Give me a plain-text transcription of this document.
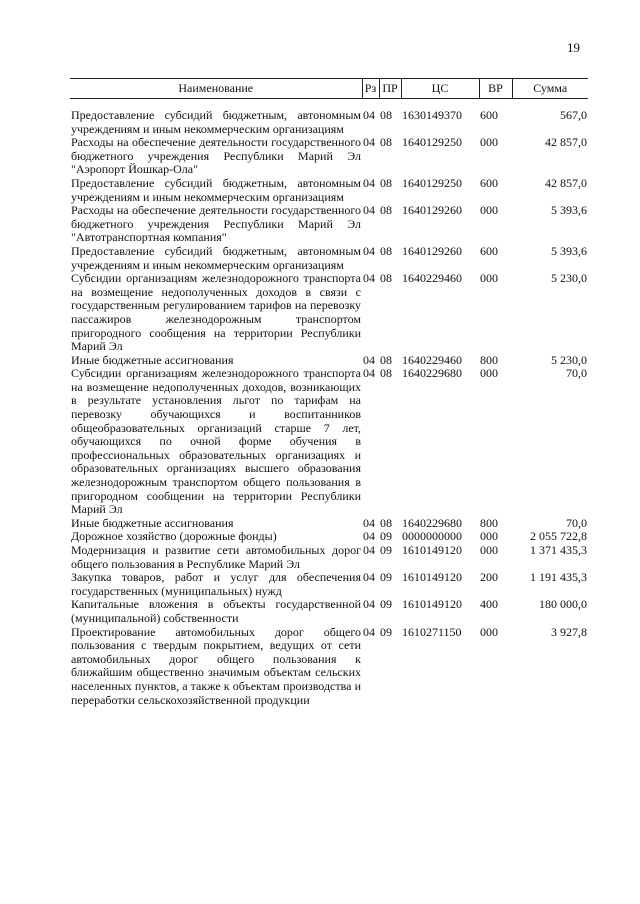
19
Наименование	Рз	ПР	ЦС	ВР	Сумма
Предоставление субсидий бюджетным, автономным учреждениям и иным некоммерческим организациям	04	08	1630149370	600	567,0
Расходы на обеспечение деятельности государственного бюджетного учреждения Республики Марий Эл "Аэропорт Йошкар-Ола"	04	08	1640129250	000	42 857,0
Предоставление субсидий бюджетным, автономным учреждениям и иным некоммерческим организациям	04	08	1640129250	600	42 857,0
Расходы на обеспечение деятельности государственного бюджетного учреждения Республики Марий Эл "Автотранспортная компания"	04	08	1640129260	000	5 393,6
Предоставление субсидий бюджетным, автономным учреждениям и иным некоммерческим организациям	04	08	1640129260	600	5 393,6
Субсидии организациям железнодорожного транспорта на возмещение недополученных доходов в связи с государственным регулированием тарифов на перевозку пассажиров железнодорожным транспортом пригородного сообщения на территории Республики Марий Эл	04	08	1640229460	000	5 230,0
Иные бюджетные ассигнования	04	08	1640229460	800	5 230,0
Субсидии организациям железнодорожного транспорта на возмещение недополученных доходов, возникающих в результате установления льгот по тарифам на перевозку обучающихся и воспитанников общеобразовательных организаций старше 7 лет, обучающихся по очной форме обучения в профессиональных образовательных организациях и образовательных организациях высшего образования железнодорожным транспортом общего пользования в пригородном сообщении на территории Республики Марий Эл	04	08	1640229680	000	70,0
Иные бюджетные ассигнования	04	08	1640229680	800	70,0
Дорожное хозяйство (дорожные фонды)	04	09	0000000000	000	2 055 722,8
Модернизация и развитие сети автомобильных дорог общего пользования в Республике Марий Эл	04	09	1610149120	000	1 371 435,3
Закупка товаров, работ и услуг для обеспечения государственных (муниципальных) нужд	04	09	1610149120	200	1 191 435,3
Капитальные вложения в объекты государственной (муниципальной) собственности	04	09	1610149120	400	180 000,0
Проектирование автомобильных дорог общего пользования с твердым покрытием, ведущих от сети автомобильных дорог общего пользования к ближайшим общественно значимым объектам сельских населенных пунктов, а также к объектам производства и переработки сельскохозяйственной продукции	04	09	1610271150	000	3 927,8
